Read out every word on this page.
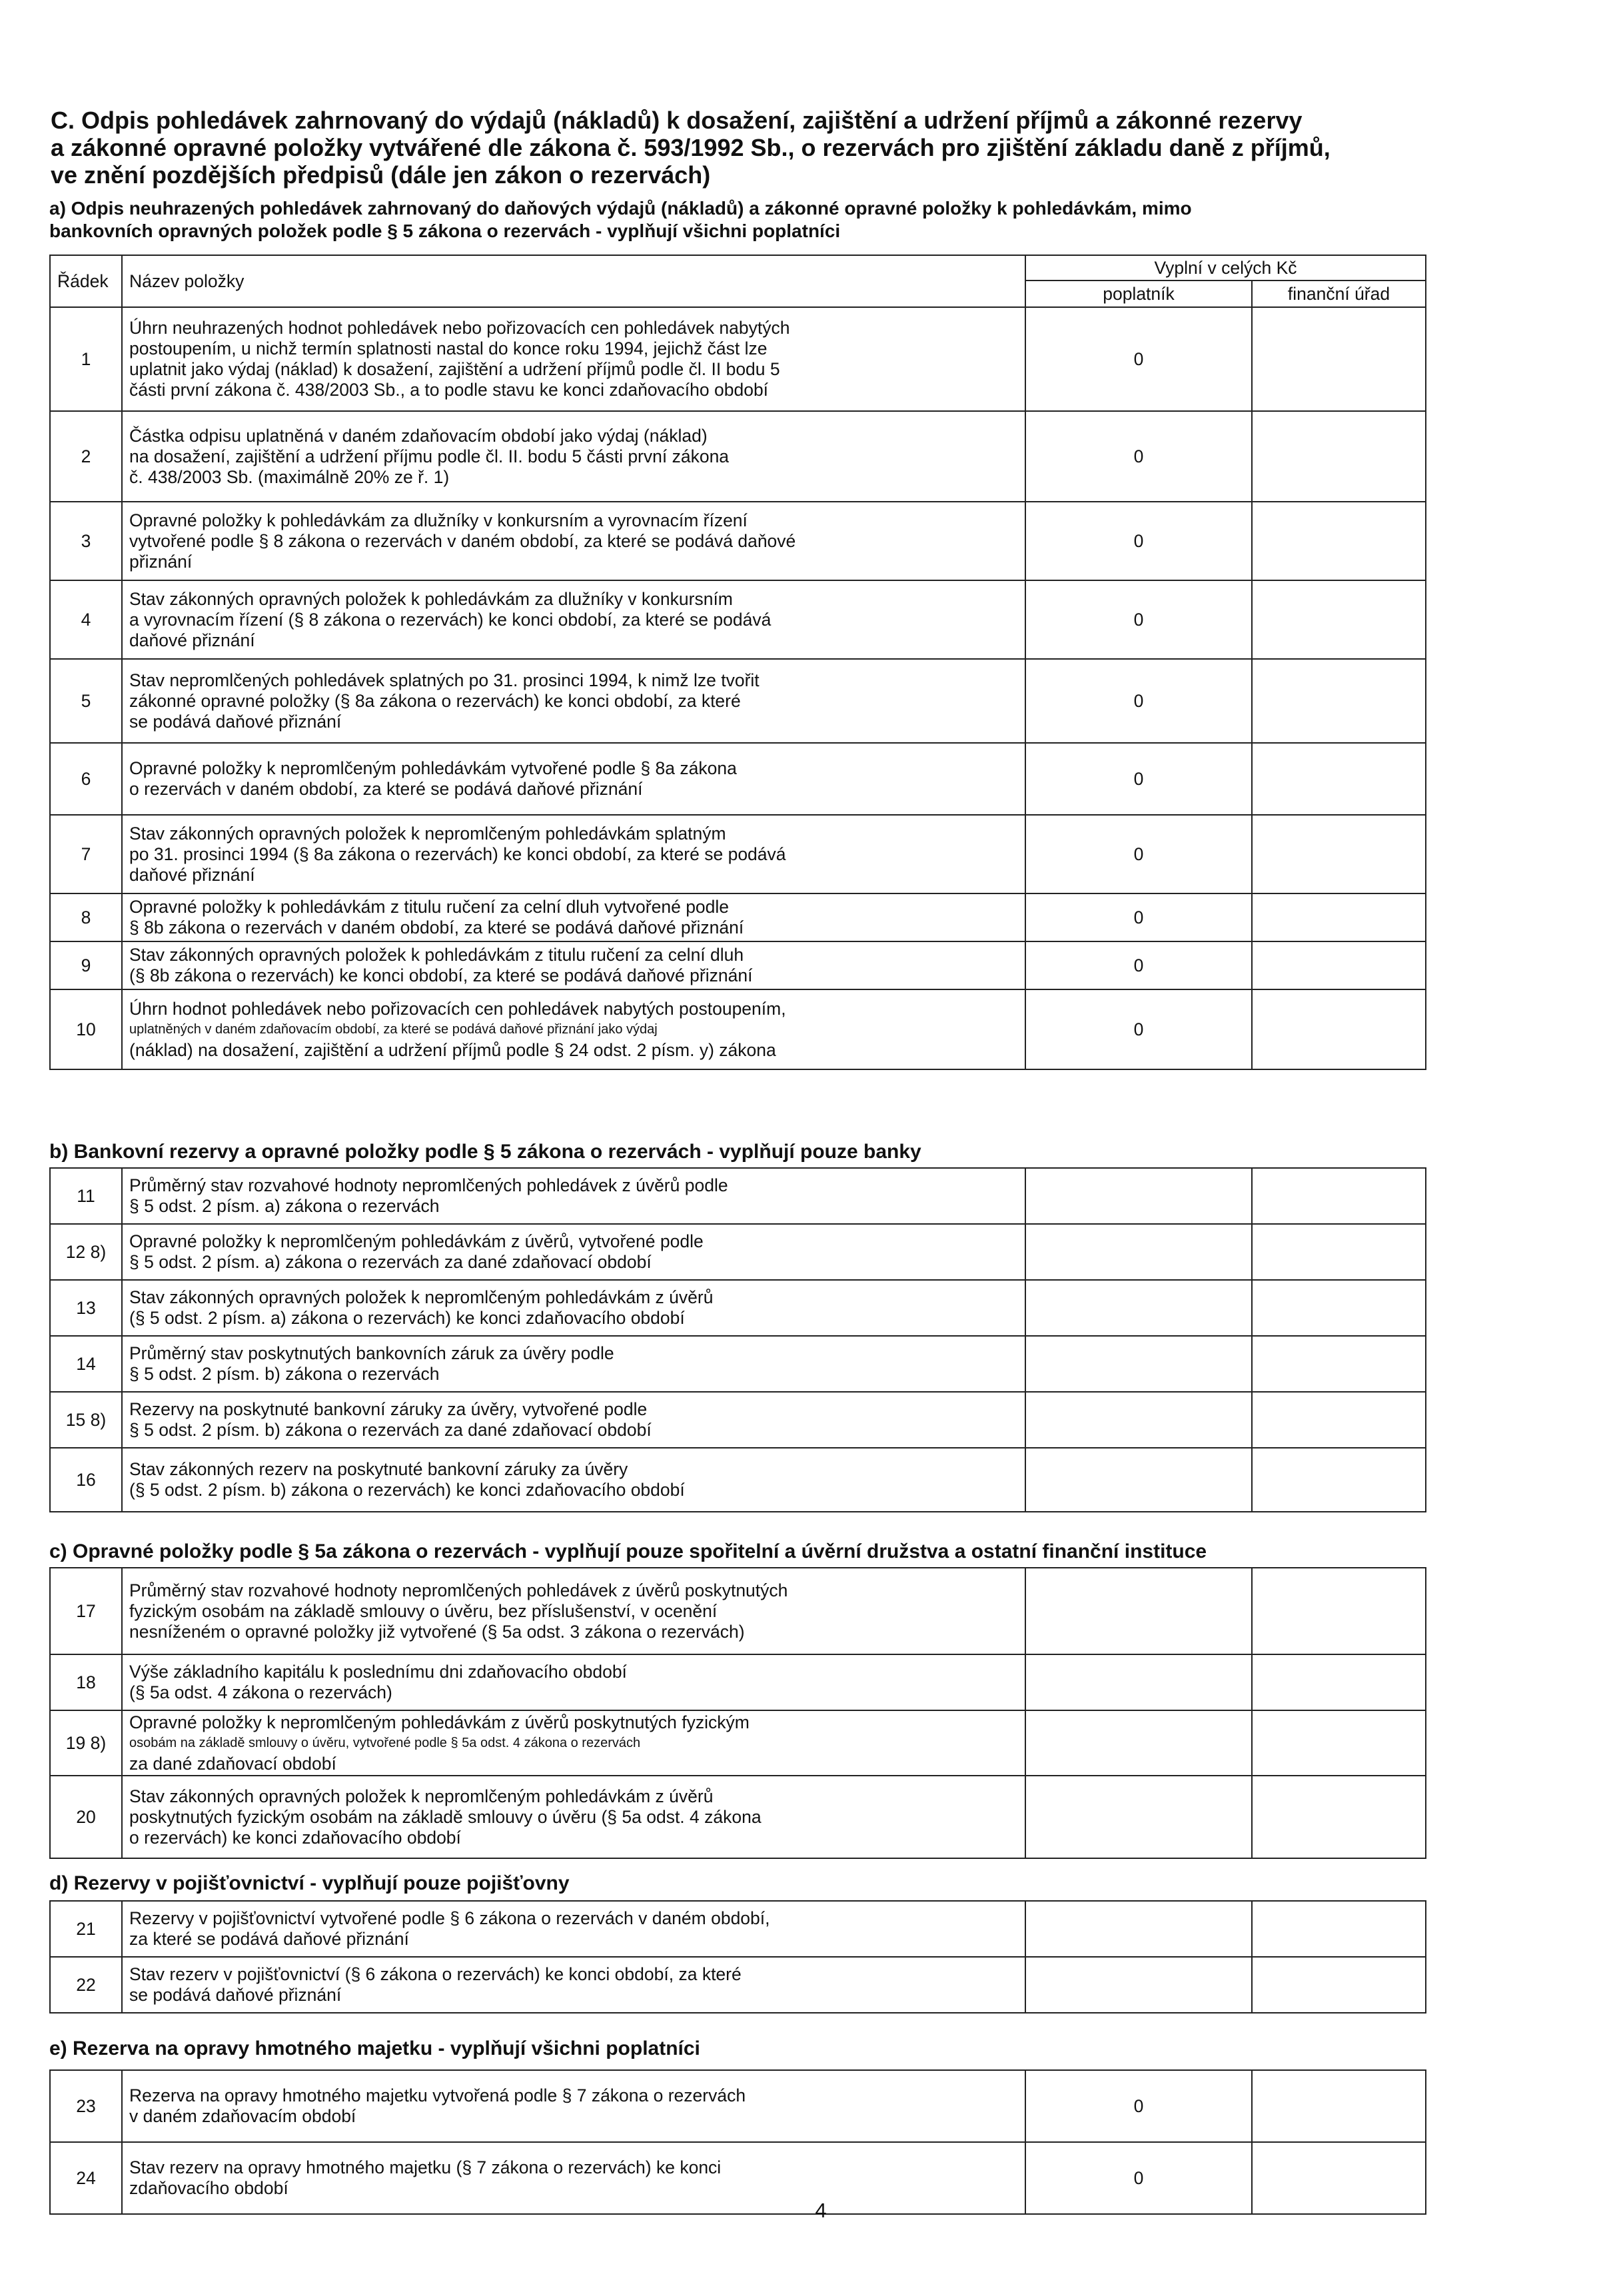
C. Odpis pohledávek zahrnovaný do výdajů (nákladů) k dosažení, zajištění a udržení příjmů a zákonné rezervy
a zákonné opravné položky vytvářené dle zákona č. 593/1992 Sb., o rezervách pro zjištění základu daně z příjmů,
ve znění pozdějších předpisů (dále jen zákon o rezervách)
a) Odpis neuhrazených pohledávek zahrnovaný do daňových výdajů (nákladů) a zákonné opravné položky k pohledávkám, mimo
bankovních opravných položek podle § 5 zákona o rezervách - vyplňují všichni poplatníci
Řádek	Název položky	Vyplní v celých Kč	
		poplatník	finanční úřad
1	Úhrn neuhrazených hodnot pohledávek nebo pořizovacích cen pohledávek nabytých
postoupením, u nichž termín splatnosti nastal do konce roku 1994, jejichž část lze
uplatnit jako výdaj (náklad) k dosažení, zajištění a udržení příjmů podle čl. II bodu 5
části první zákona č. 438/2003 Sb., a to podle stavu ke konci zdaňovacího období	0	
2	Částka odpisu uplatněná v daném zdaňovacím období jako výdaj (náklad)
na dosažení, zajištění a udržení příjmu podle čl. II. bodu 5 části první zákona
č. 438/2003 Sb. (maximálně 20% ze ř. 1)	0	
3	Opravné položky k pohledávkám za dlužníky v konkursním a vyrovnacím řízení
vytvořené podle § 8 zákona o rezervách v daném období, za které se podává daňové
přiznání	0	
4	Stav zákonných opravných položek k pohledávkám za dlužníky v konkursním
a vyrovnacím řízení (§ 8 zákona o rezervách) ke konci období, za které se podává
daňové přiznání	0	
5	Stav nepromlčených pohledávek splatných po 31. prosinci 1994, k nimž lze tvořit
zákonné opravné položky (§ 8a zákona o rezervách) ke konci období, za které
se podává daňové přiznání	0	
6	Opravné položky k nepromlčeným pohledávkám vytvořené podle § 8a zákona
o rezervách v daném období, za které se podává daňové přiznání	0	
7	Stav zákonných opravných položek k nepromlčeným pohledávkám splatným
po 31. prosinci 1994 (§ 8a zákona o rezervách) ke konci období, za které se podává
daňové přiznání	0	
8	Opravné položky k pohledávkám z titulu ručení za celní dluh vytvořené podle
§ 8b zákona o rezervách v daném období, za které se podává daňové přiznání	0	
9	Stav zákonných opravných položek k pohledávkám z titulu ručení za celní dluh
(§ 8b zákona o rezervách) ke konci období, za které se podává daňové přiznání	0	
10	Úhrn hodnot pohledávek nebo pořizovacích cen pohledávek nabytých postoupením,
uplatněných v daném zdaňovacím období, za které se podává daňové přiznání jako výdaj
(náklad) na dosažení, zajištění a udržení příjmů podle § 24 odst. 2 písm. y) zákona	0	
b) Bankovní rezervy a opravné položky podle § 5 zákona o rezervách - vyplňují pouze banky
11	Průměrný stav rozvahové hodnoty nepromlčených pohledávek z úvěrů podle
§ 5 odst. 2 písm. a) zákona o rezervách		

12 8)	Opravné položky k nepromlčeným pohledávkám z úvěrů, vytvořené podle
§ 5 odst. 2 písm. a) zákona o rezervách za dané zdaňovací období		

13	Stav zákonných opravných položek k nepromlčeným pohledávkám z úvěrů
(§ 5 odst. 2 písm. a) zákona o rezervách) ke konci zdaňovacího období		

14	Průměrný stav poskytnutých bankovních záruk za úvěry podle
§ 5 odst. 2 písm. b) zákona o rezervách		

15 8)	Rezervy na poskytnuté bankovní záruky za úvěry, vytvořené podle
§ 5 odst. 2 písm. b) zákona o rezervách za dané zdaňovací období		

16	Stav zákonných rezerv na poskytnuté bankovní záruky za úvěry
(§ 5 odst. 2 písm. b) zákona o rezervách) ke konci zdaňovacího období		

c) Opravné položky podle § 5a zákona o rezervách - vyplňují pouze spořitelní a úvěrní družstva a ostatní finanční instituce
17	Průměrný stav rozvahové hodnoty nepromlčených pohledávek z úvěrů poskytnutých
fyzickým osobám na základě smlouvy o úvěru, bez příslušenství, v ocenění
nesníženém o opravné položky již vytvořené (§ 5a odst. 3 zákona o rezervách)		

18	Výše základního kapitálu k poslednímu dni zdaňovacího období
(§ 5a odst. 4 zákona o rezervách)		

19 8)	Opravné položky k nepromlčeným pohledávkám z úvěrů poskytnutých fyzickým
osobám na základě smlouvy o úvěru, vytvořené podle § 5a odst. 4 zákona o rezervách
za dané zdaňovací období		

20	Stav zákonných opravných položek k nepromlčeným pohledávkám z úvěrů
poskytnutých fyzickým osobám na základě smlouvy o úvěru (§ 5a odst. 4 zákona
o rezervách) ke konci zdaňovacího období		

d) Rezervy v pojišťovnictví - vyplňují pouze pojišťovny
21	Rezervy v pojišťovnictví vytvořené podle § 6 zákona o rezervách v daném období,
za které se podává daňové přiznání		

22	Stav rezerv v pojišťovnictví (§ 6 zákona o rezervách) ke konci období, za které
se podává daňové přiznání		

e) Rezerva na opravy hmotného majetku - vyplňují všichni poplatníci
23	Rezerva na opravy hmotného majetku vytvořená podle § 7 zákona o rezervách
v daném zdaňovacím období	0	
24	Stav rezerv na opravy hmotného majetku (§ 7 zákona o rezervách) ke konci
zdaňovacího období	0	
4
